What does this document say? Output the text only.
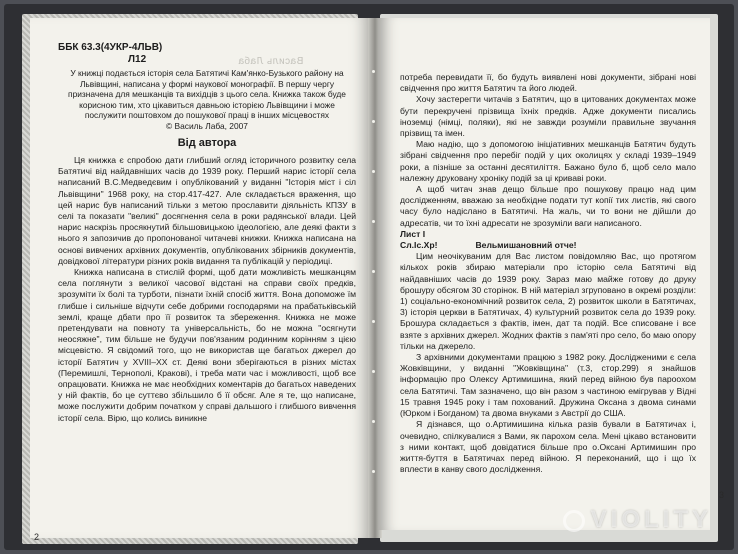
Василь Лаба

ББК 63.3(4УКР-4ЛЬВ)

Л12

У книжці подається історія села Батятичі Кам'янко-Бузького району на Львівщині, написана у формі наукової монографії. В першу чергу призначена для мешканців та вихідців з цього села. Книжка також буде корисною тим, хто цікавиться давньою історією Львівщини і може послужити поштовхом до пошукової праці в інших місцевостях

© Василь Лаба, 2007

Від автора

Ця книжка є спробою дати глибший огляд історичного розвитку села Батятичі від найдавніших часів до 1939 року. Перший нарис історії села написаний В.С.Медведєвим і опублікований у виданні "Історія міст і сіл Львівщини" 1968 року, на стор.417-427. Але складається враження, що цей нарис був написаний тільки з метою прославити діяльність КПЗУ в селі та показати "великі" досягнення села в роки радянської влади. Цей нарис наскрізь просякнутий більшовицькою ідеологією, але деякі факти з нього я запозичив до пропонованої читачеві книжки. Книжка написана на основі вивчених архівних документів, опублікованих збірників документів, довідкової літератури різних років видання та публікацій у періодиці.

Книжка написана в стислій формі, щоб дати можливість мешканцям села поглянути з великої часової відстані на справи своїх предків, зрозуміти їх болі та турботи, пізнати їхній спосіб життя. Вона допоможе їм глибше і сильніше відчути себе добрими господарями на прабатьківській землі, краще дбати про її розвиток та збереження. Книжка не може претендувати на повноту та універсальність, бо не можна "осягнути неосяжне", тим більше не будучи пов'язаним родинним корінням з цією місцевістю. Я свідомий того, що не використав ще багатьох джерел до історії Батятич у XVIII–XX ст. Деякі вони зберігаються в різних містах (Перемишлі, Тернополі, Кракові), і треба мати час і можливості, щоб все опрацювати. Книжка не має необхідних коментарів до багатьох наведених у ній фактів, бо це суттєво збільшило б її обсяг. Але я те, що написане, може послужити добрим початком у справі дальшого і глибшого вивчення історії села. Вірю, що колись виникне

2

потреба перевидати її, бо будуть виявлені нові документи, зібрані нові свідчення про життя Батятич та його людей.

Хочу застерегти читачів з Батятич, що в цитованих документах може бути перекручені прізвища їхніх предків. Адже документи писались іноземці (німці, поляки), які не завжди розуміли правильне звучання прізвищ та імен.

Маю надію, що з допомогою ініціативних мешканців Батятич будуть зібрані свідчення про перебіг подій у цих околицях у складі 1939–1949 роки, а пізніше за останні десятиліття. Бажано було б, щоб село мало належну друковану хроніку подій за ці криваві роки.

А щоб читач знав дещо більше про пошукову працю над цим дослідженням, вважаю за необхідне подати тут копії тих листів, які свого часу було надіслано в Батятичі. На жаль, чи то вони не дійшли до адресатів, чи то їхні адресати не зрозуміли ваги написаного.

Лист І

Сл.Іс.Хр!	Вельмишановний отче!

Цим неочікуваним для Вас листом повідомляю Вас, що протягом кількох років збираю матеріали про історію села Батятичі від найдавніших часів до 1939 року. Зараз маю майже готову до друку брошуру обсягом 30 сторінок. В ній матеріал згруповано в окремі розділи: 1) соціально-економічний розвиток села, 2) розвиток школи в Батятичах, 3) історія церкви в Батятичах, 4) культурний розвиток села до 1939 року. Брошура складається з фактів, імен, дат та подій. Все списоване і все взяте з архівних джерел. Жодних фактів з пам'яті про село, бо маю опору тільки на джерело.

З архівними документами працюю з 1982 року. Дослідженими є села Жовківщини, у виданні "Жовківщина" (т.3, стор.299) я знайшов інформацію про Олексу Артимишина, який перед війною був пароохом села Батятичі. Там зазначено, що він разом з частиною емігрував у Відні 15 травня 1945 року і там похований. Дружина Оксана з двома синами (Юрком і Богданом) та двома внуками з Австрії до США.

Я дізнався, що о.Артимишина кілька разів бували в Батятичах і, очевидно, спілкувалися з Вами, як парохом села. Мені цікаво встановити з ними контакт, щоб довідатися більше про о.Оксані Артимишин про життя-буття в Батятичах перед війною. Я переконаний, що і що їх вплести в канву свого дослідження.

3
VIOLITY
